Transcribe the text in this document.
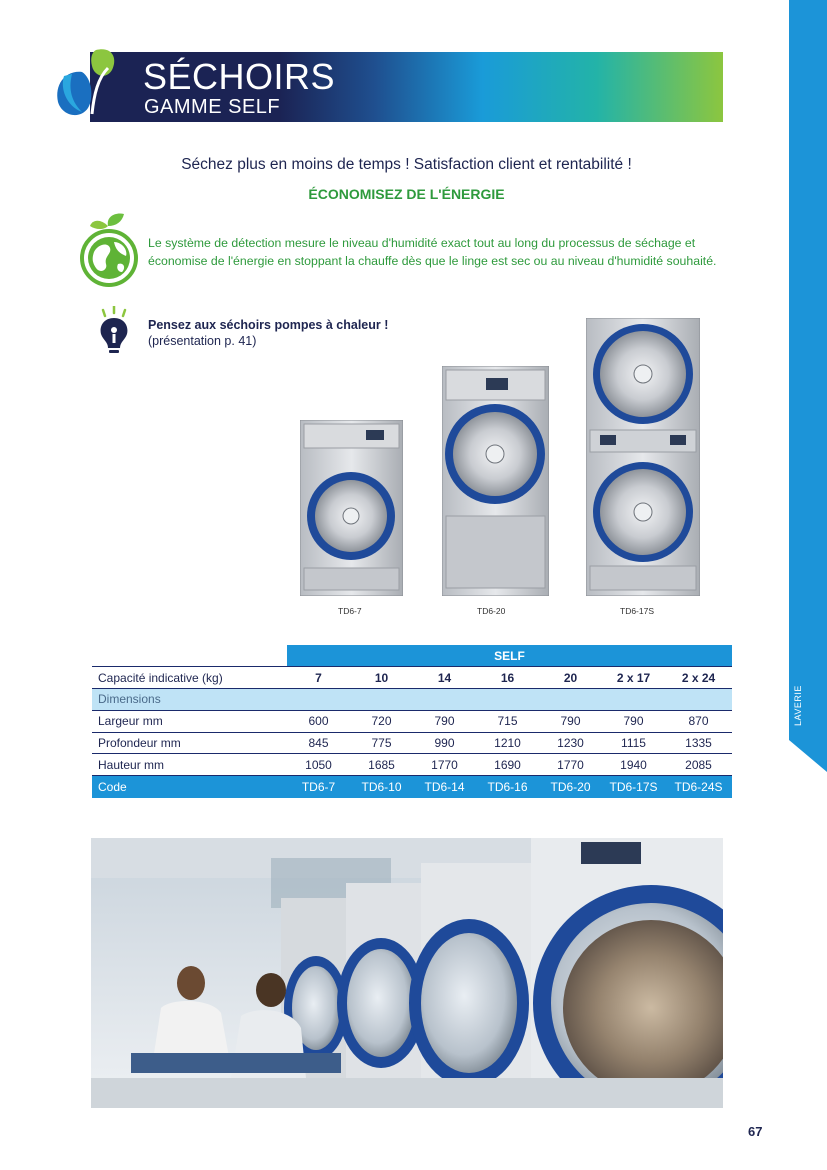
SÉCHOIRS
GAMME SELF
LAVERIE
Séchez plus en moins de temps ! Satisfaction client et rentabilité !
ÉCONOMISEZ DE L'ÉNERGIE
Le système de détection mesure le niveau d'humidité exact tout au long du processus de séchage et économise de l'énergie en stoppant la chauffe dès que le linge est sec ou au niveau d'humidité souhaité.
Pensez aux séchoirs pompes à chaleur !
(présentation p. 41)
TD6-7	TD6-20	TD6-17S
	SELF						
Capacité indicative (kg)	7	10	14	16	20	2 x 17	2 x 24
Dimensions							
Largeur mm	600	720	790	715	790	790	870
Profondeur mm	845	775	990	1210	1230	1115	1335
Hauteur mm	1050	1685	1770	1690	1770	1940	2085
Code	TD6-7	TD6-10	TD6-14	TD6-16	TD6-20	TD6-17S	TD6-24S
67
